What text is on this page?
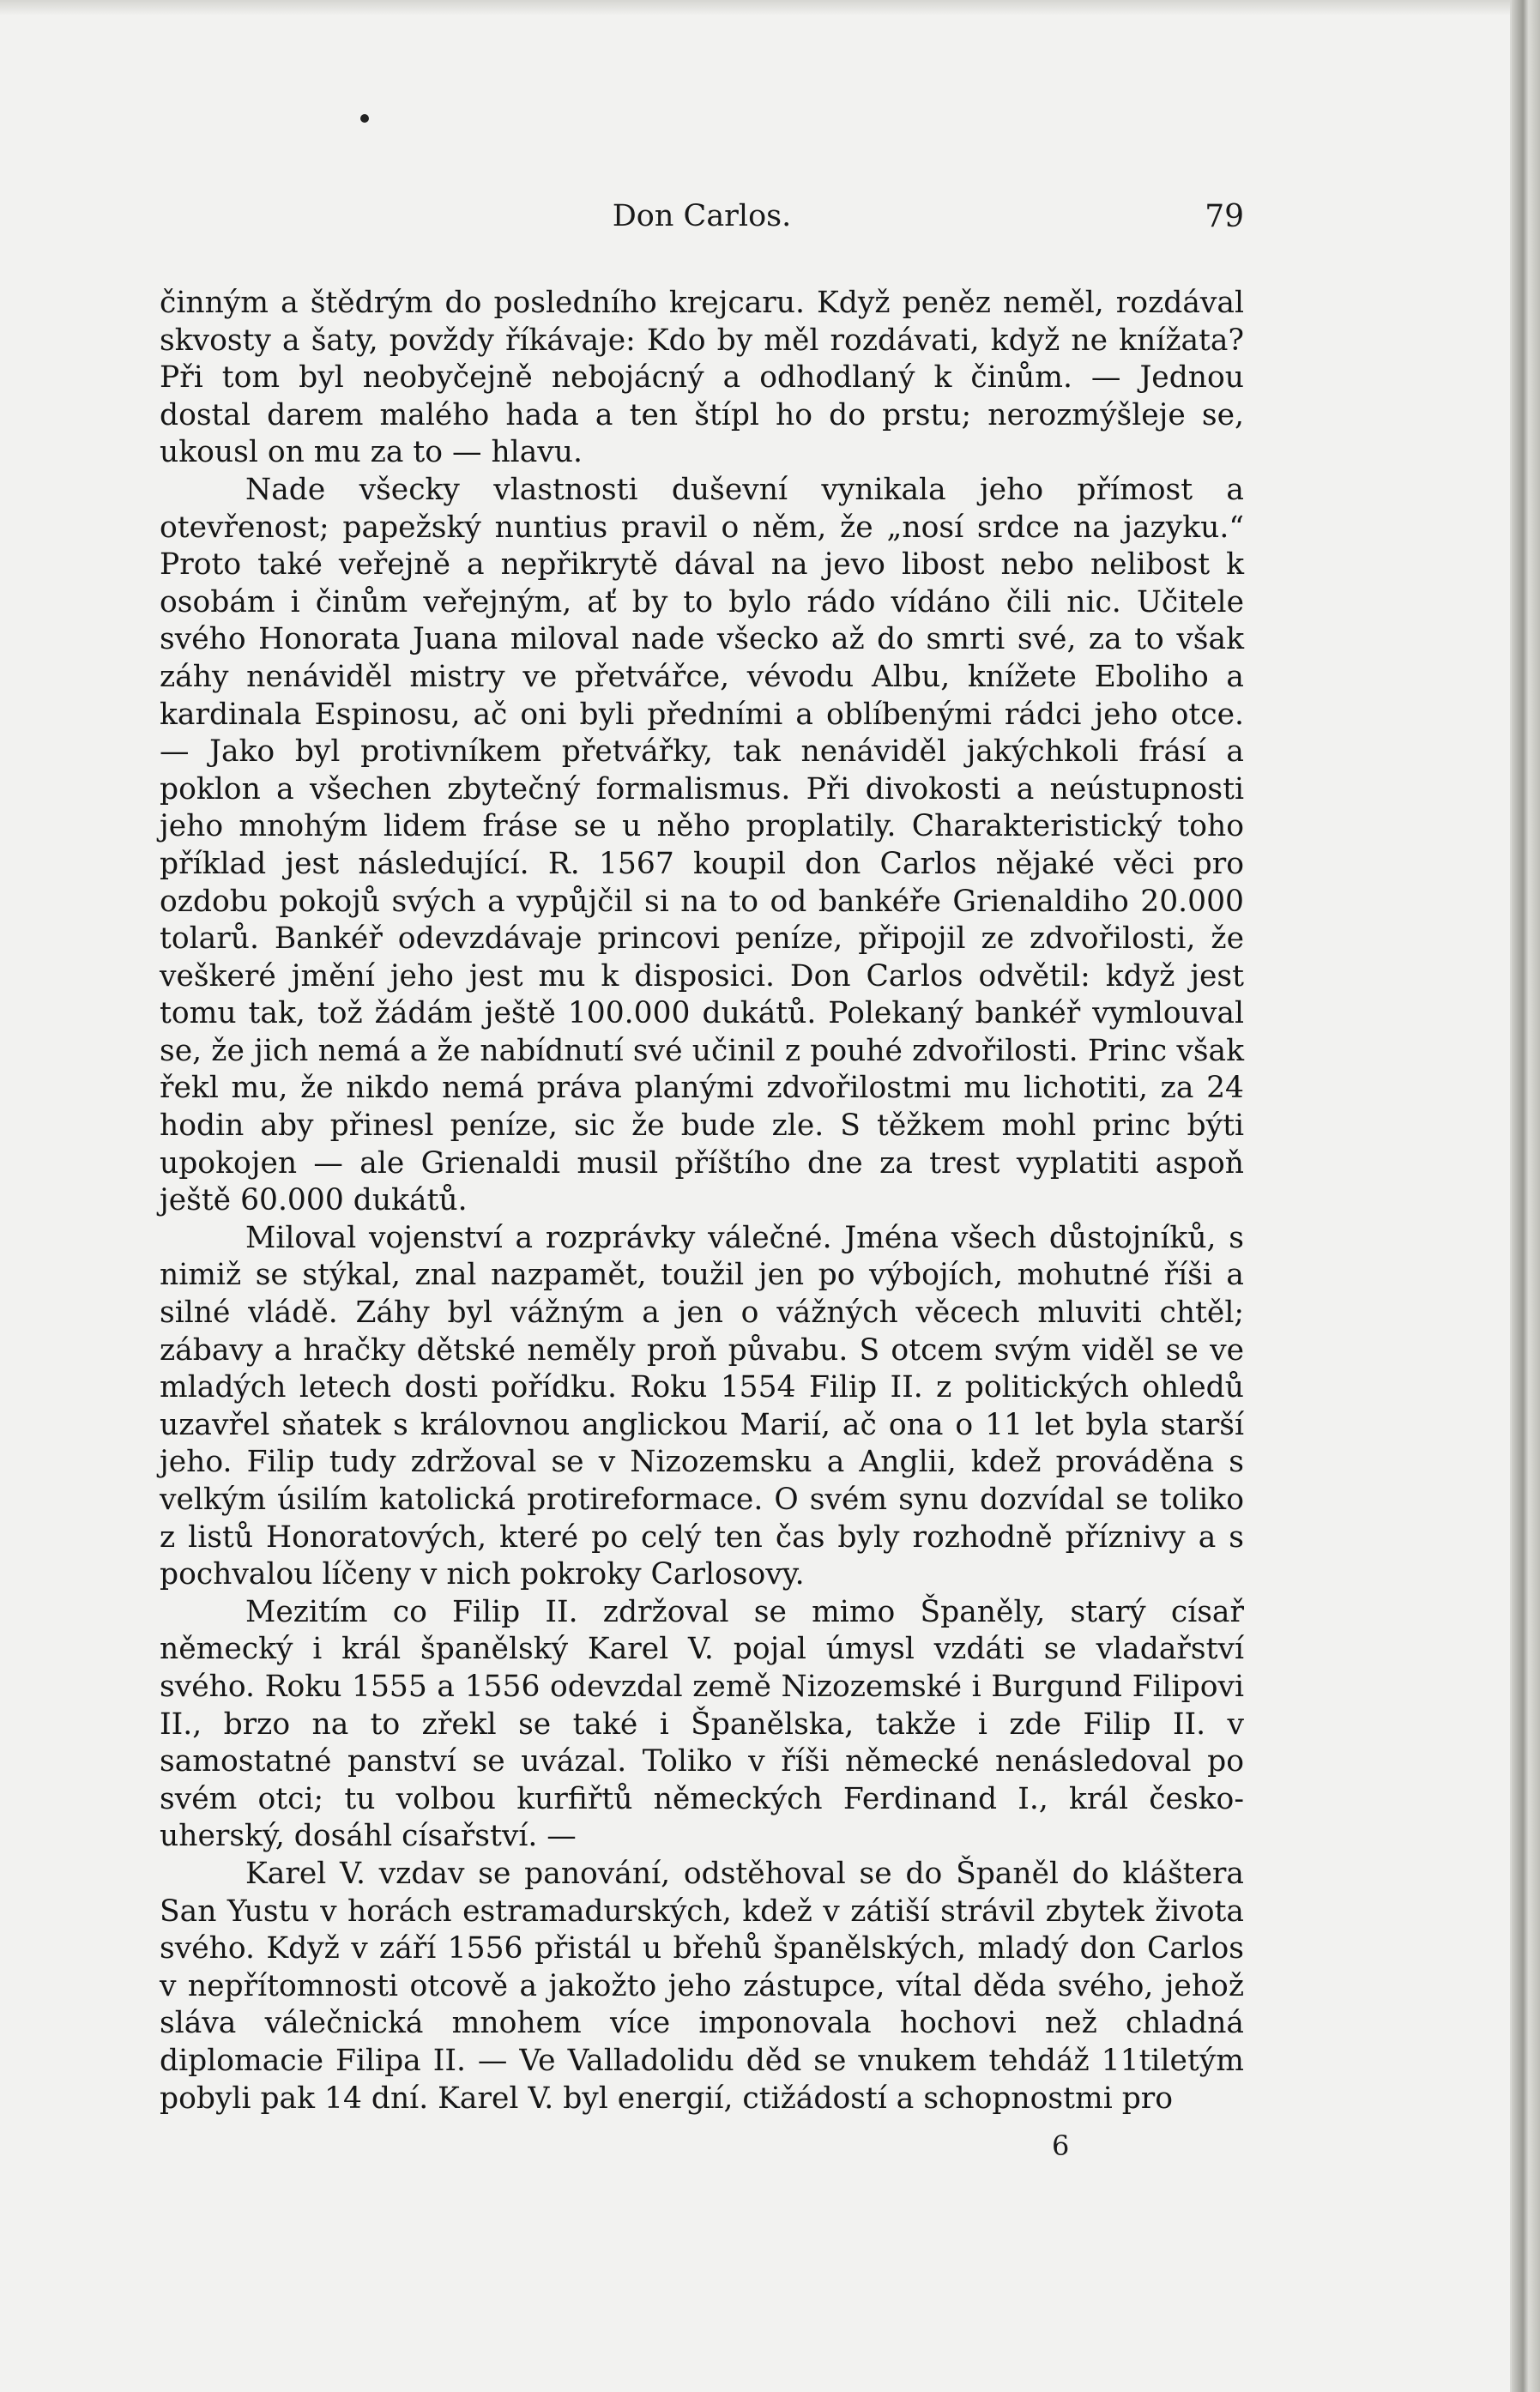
Don Carlos.	79

činným a štědrým do posledního krejcaru. Když peněz neměl, rozdával skvosty a šaty, povždy říkávaje: Kdo by měl rozdávati, když ne knížata? Při tom byl neobyčejně nebojácný a odhodlaný k činům. — Jednou dostal darem malého hada a ten štípl ho do prstu; nerozmýšleje se, ukousl on mu za to — hlavu.

Nade všecky vlastnosti duševní vynikala jeho přímost a otevřenost; papežský nuntius pravil o něm, že „nosí srdce na jazyku.“ Proto také veřejně a nepřikrytě dával na jevo libost nebo nelibost k osobám i činům veřejným, ať by to bylo rádo vídáno čili nic. Učitele svého Honorata Juana miloval nade všecko až do smrti své, za to však záhy nenáviděl mistry ve přetvářce, vévodu Albu, knížete Eboliho a kardinala Espinosu, ač oni byli předními a oblíbenými rádci jeho otce. — Jako byl protivníkem přetvářky, tak nenáviděl jakýchkoli frásí a poklon a všechen zbytečný formalismus. Při divokosti a neústupnosti jeho mnohým lidem fráse se u něho proplatily. Charakteristický toho příklad jest následující. R. 1567 koupil don Carlos nějaké věci pro ozdobu pokojů svých a vypůjčil si na to od bankéře Grienaldiho 20.000 tolarů. Bankéř odevzdávaje princovi peníze, připojil ze zdvořilosti, že veškeré jmění jeho jest mu k disposici. Don Carlos odvětil: když jest tomu tak, tož žádám ještě 100.000 dukátů. Polekaný bankéř vymlouval se, že jich nemá a že nabídnutí své učinil z pouhé zdvořilosti. Princ však řekl mu, že nikdo nemá práva planými zdvořilostmi mu lichotiti, za 24 hodin aby přinesl peníze, sic že bude zle. S těžkem mohl princ býti upokojen — ale Grienaldi musil příštího dne za trest vyplatiti aspoň ještě 60.000 dukátů.

Miloval vojenství a rozprávky válečné. Jména všech důstojníků, s nimiž se stýkal, znal nazpamět, toužil jen po výbojích, mohutné říši a silné vládě. Záhy byl vážným a jen o vážných věcech mluviti chtěl; zábavy a hračky dětské neměly proň půvabu. S otcem svým viděl se ve mladých letech dosti pořídku. Roku 1554 Filip II. z politických ohledů uzavřel sňatek s královnou anglickou Marií, ač ona o 11 let byla starší jeho. Filip tudy zdržoval se v Nizozemsku a Anglii, kdež prováděna s velkým úsilím katolická protireformace. O svém synu dozvídal se toliko z listů Honoratových, které po celý ten čas byly rozhodně příznivy a s pochvalou líčeny v nich pokroky Carlosovy.

Mezitím co Filip II. zdržoval se mimo Španěly, starý císař německý i král španělský Karel V. pojal úmysl vzdáti se vladařství svého. Roku 1555 a 1556 odevzdal země Nizozemské i Burgund Filipovi II., brzo na to zřekl se také i Španělska, takže i zde Filip II. v samostatné panství se uvázal. Toliko v říši německé nenásledoval po svém otci; tu volbou kurfiřtů německých Ferdinand I., král česko-uherský, dosáhl císařství. —

Karel V. vzdav se panování, odstěhoval se do Španěl do kláštera San Yustu v horách estramadurských, kdež v zátiší strávil zbytek života svého. Když v září 1556 přistál u břehů španělských, mladý don Carlos v nepřítomnosti otcově a jakožto jeho zástupce, vítal děda svého, jehož sláva válečnická mnohem více imponovala hochovi než chladná diplomacie Filipa II. — Ve Valladolidu děd se vnukem tehdáž 11tiletým pobyli pak 14 dní. Karel V. byl energií, ctižádostí a schopnostmi pro

6
